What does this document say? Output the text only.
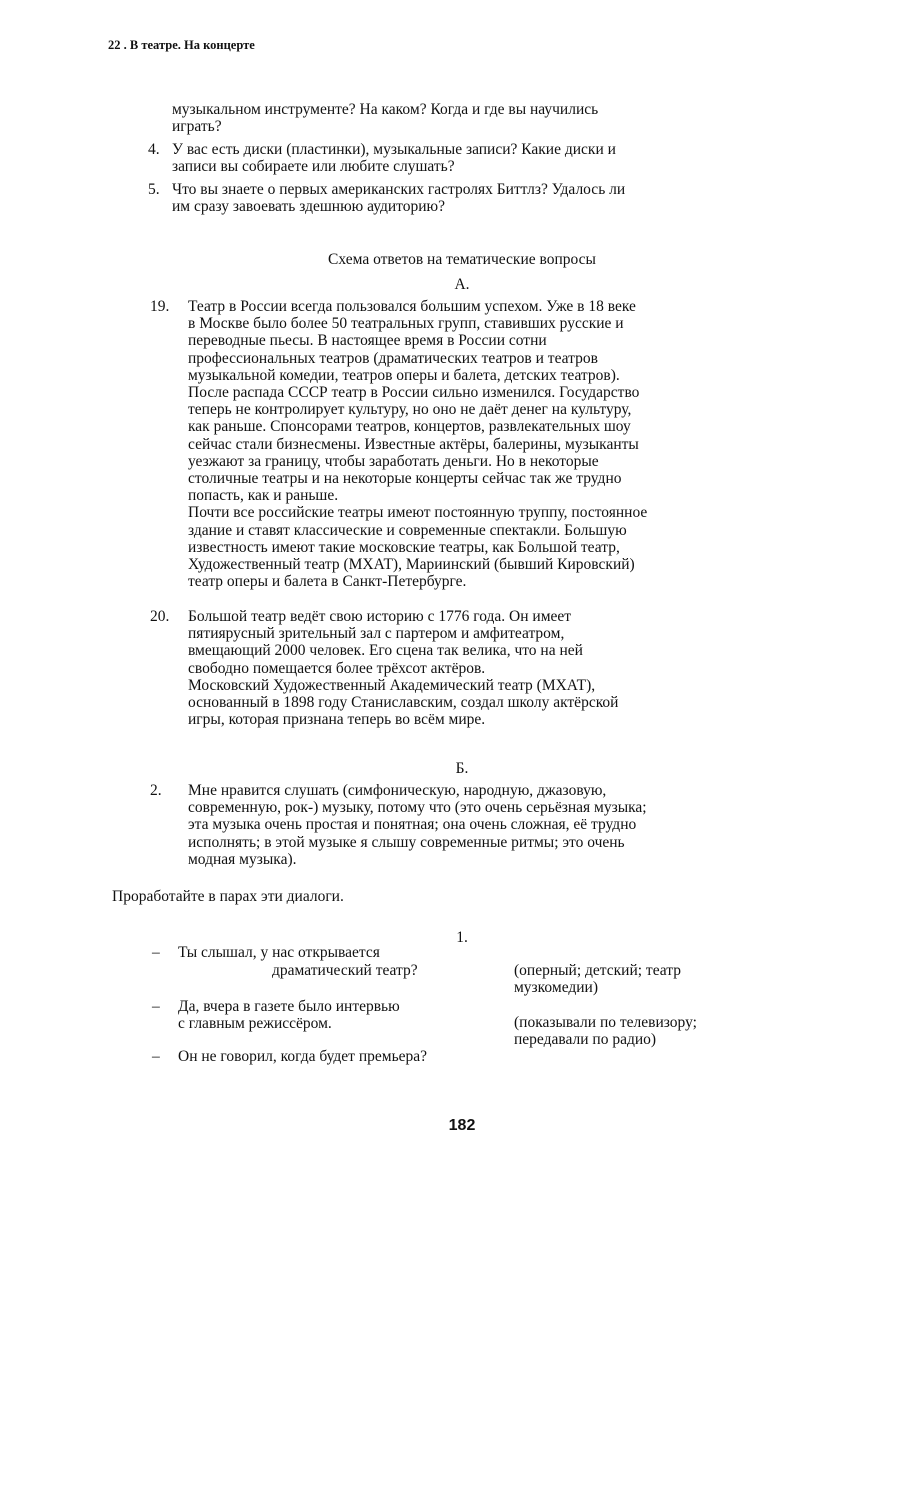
22 . В театре. На концерте
музыкальном инструменте? На каком? Когда и где вы научились
играть?
4. У вас есть диски (пластинки), музыкальные записи? Какие диски и
записи вы собираете или любите слушать?
5. Что вы знаете о первых американских гастролях Биттлз? Удалось ли
им сразу завоевать здешнюю аудиторию?
Схема ответов на тематические вопросы
А.
19. Театр в России всегда пользовался большим успехом. Уже в 18 веке
в Москве было более 50 театральных групп, ставивших русские и
переводные пьесы. В настоящее время в России сотни
профессиональных театров (драматических театров и театров
музыкальной комедии, театров оперы и балета, детских театров).
После распада СССР театр в России сильно изменился. Государство
теперь не контролирует культуру, но оно не даёт денег на культуру,
как раньше. Спонсорами театров, концертов, развлекательных шоу
сейчас стали бизнесмены. Известные актёры, балерины, музыканты
уезжают за границу, чтобы заработать деньги. Но в некоторые
столичные театры и на некоторые концерты сейчас так же трудно
попасть, как и раньше.
Почти все российские театры имеют постоянную труппу, постоянное
здание и ставят классические и современные спектакли. Большую
известность имеют такие московские театры, как Большой театр,
Художественный театр (МХАТ), Мариинский (бывший Кировский)
театр оперы и балета в Санкт-Петербурге.
20. Большой театр ведёт свою историю с 1776 года. Он имеет
пятиярусный зрительный зал с партером и амфитеатром,
вмещающий 2000 человек. Его сцена так велика, что на ней
свободно помещается более трёхсот актёров.
Московский Художественный Академический театр (МХАТ),
основанный в 1898 году Станиславским, создал школу актёрской
игры, которая признана теперь во всём мире.
Б.
2. Мне нравится слушать (симфоническую, народную, джазовую,
современную, рок-) музыку, потому что (это очень серьёзная музыка;
эта музыка очень простая и понятная; она очень сложная, её трудно
исполнять; в этой музыке я слышу современные ритмы; это очень
модная музыка).
Проработайте в парах эти диалоги.
1.
– Ты слышал, у нас открывается
драматический театр?	(оперный; детский; театр
музкомедии)
– Да, вчера в газете было интервью
с главным режиссёром.	(показывали по телевизору;
передавали по радио)
– Он не говорил, когда будет премьера?
182
